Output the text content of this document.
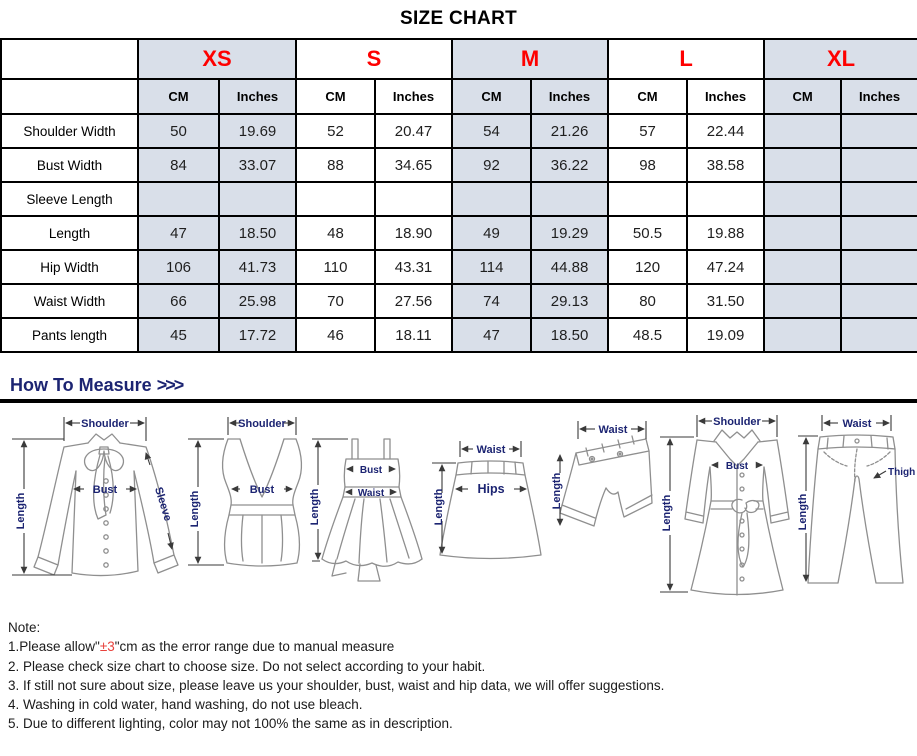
SIZE CHART
	XS		S		M		L		XL	
	CM	Inches	CM	Inches	CM	Inches	CM	Inches	CM	Inches
Shoulder Width	50	19.69	52	20.47	54	21.26	57	22.44		
Bust Width	84	33.07	88	34.65	92	36.22	98	38.58		
Sleeve Length										
Length	47	18.50	48	18.90	49	19.29	50.5	19.88		
Hip Width	106	41.73	110	43.31	114	44.88	120	47.24		
Waist Width	66	25.98	70	27.56	74	29.13	80	31.50		
Pants length	45	17.72	46	18.11	47	18.50	48.5	19.09		
How To Measure >>>
Shoulder
Bust
Length	Sleeve
Shoulder
Bust
Length
Bust
Waist
Length
Waist
Hips
Length
Waist
Length
Shoulder
Bust
Length
Waist
Thigh
Length
Note:
1.Please allow"±3"cm as the error range due to manual measure
2. Please check size chart to choose size. Do not select according to your habit.
3. If still not sure about size, please leave us your shoulder, bust, waist and hip data, we will offer suggestions.
4. Washing in cold water, hand washing, do not use bleach.
5. Due to different lighting, color may not 100% the same as in description.
